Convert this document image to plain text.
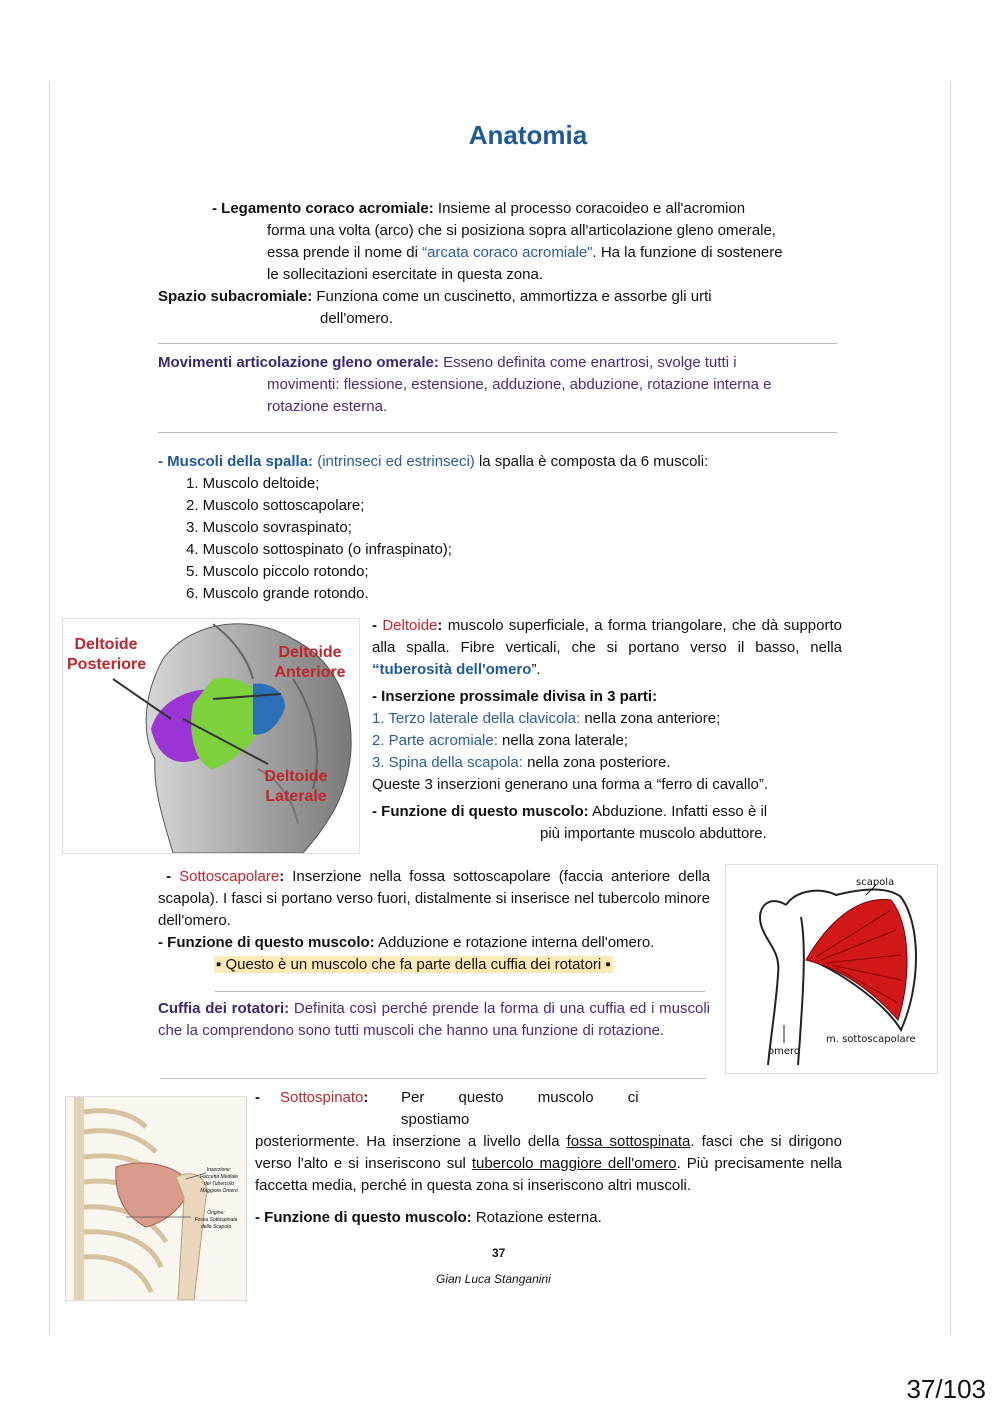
Anatomia
- Legamento coraco acromiale: Insieme al processo coracoideo e all'acromion
forma una volta (arco) che si posiziona sopra all'articolazione gleno omerale,
essa prende il nome di “arcata coraco acromiale". Ha la funzione di sostenere
le sollecitazioni esercitate in questa zona.
Spazio subacromiale: Funziona come un cuscinetto, ammortizza e assorbe gli urti
dell'omero.
Movimenti articolazione gleno omerale: Esseno definita come enartrosi, svolge tutti i
movimenti: flessione, estensione, adduzione, abduzione, rotazione interna e
rotazione esterna.
- Muscoli della spalla: (intrinseci ed estrinseci) la spalla è composta da 6 muscoli:
1. Muscolo deltoide;
2. Muscolo sottoscapolare;
3. Muscolo sovraspinato;
4. Muscolo sottospinato (o infraspinato);
5. Muscolo piccolo rotondo;
6. Muscolo grande rotondo.
Deltoide
Posteriore
Deltoide
Anteriore
Deltoide
Laterale
- Deltoide: muscolo superficiale, a forma triangolare, che dà supporto alla spalla. Fibre verticali, che si portano verso il basso, nella “tuberosità dell'omero”.
- Inserzione prossimale divisa in 3 parti:
1. Terzo laterale della clavicola: nella zona anteriore;
2. Parte acromiale: nella zona laterale;
3. Spina della scapola: nella zona posteriore.
Queste 3 inserzioni generano una forma a “ferro di cavallo”.
- Funzione di questo muscolo: Abduzione. Infatti esso è il
più importante muscolo abduttore.
- Sottoscapolare: Inserzione nella fossa sottoscapolare (faccia anteriore della scapola). I fasci si portano verso fuori, distalmente si inserisce nel tubercolo minore dell'omero.
- Funzione di questo muscolo: Adduzione e rotazione interna dell'omero.
▪ Questo è un muscolo che fa parte della cuffia dei rotatori ▪
scapola
m. sottoscapolare
omero
Cuffia dei rotatori: Definita così perché prende la forma di una cuffia ed i muscoli che la comprendono sono tutti muscoli che hanno una funzione di rotazione.
Inserzione:
Faccetta Mediale
del Tubercolo
Maggiore Omero
Origine:
Fossa Sottospinata
della Scapola
- Sottospinato: Per questo muscolo ci spostiamo
posteriormente. Ha inserzione a livello della fossa sottospinata. fasci che si dirigono verso l'alto e si inseriscono sul tubercolo maggiore dell'omero. Più precisamente nella faccetta media, perché in questa zona si inseriscono altri muscoli.
- Funzione di questo muscolo: Rotazione esterna.
37
Gian Luca Stanganini
37/103
